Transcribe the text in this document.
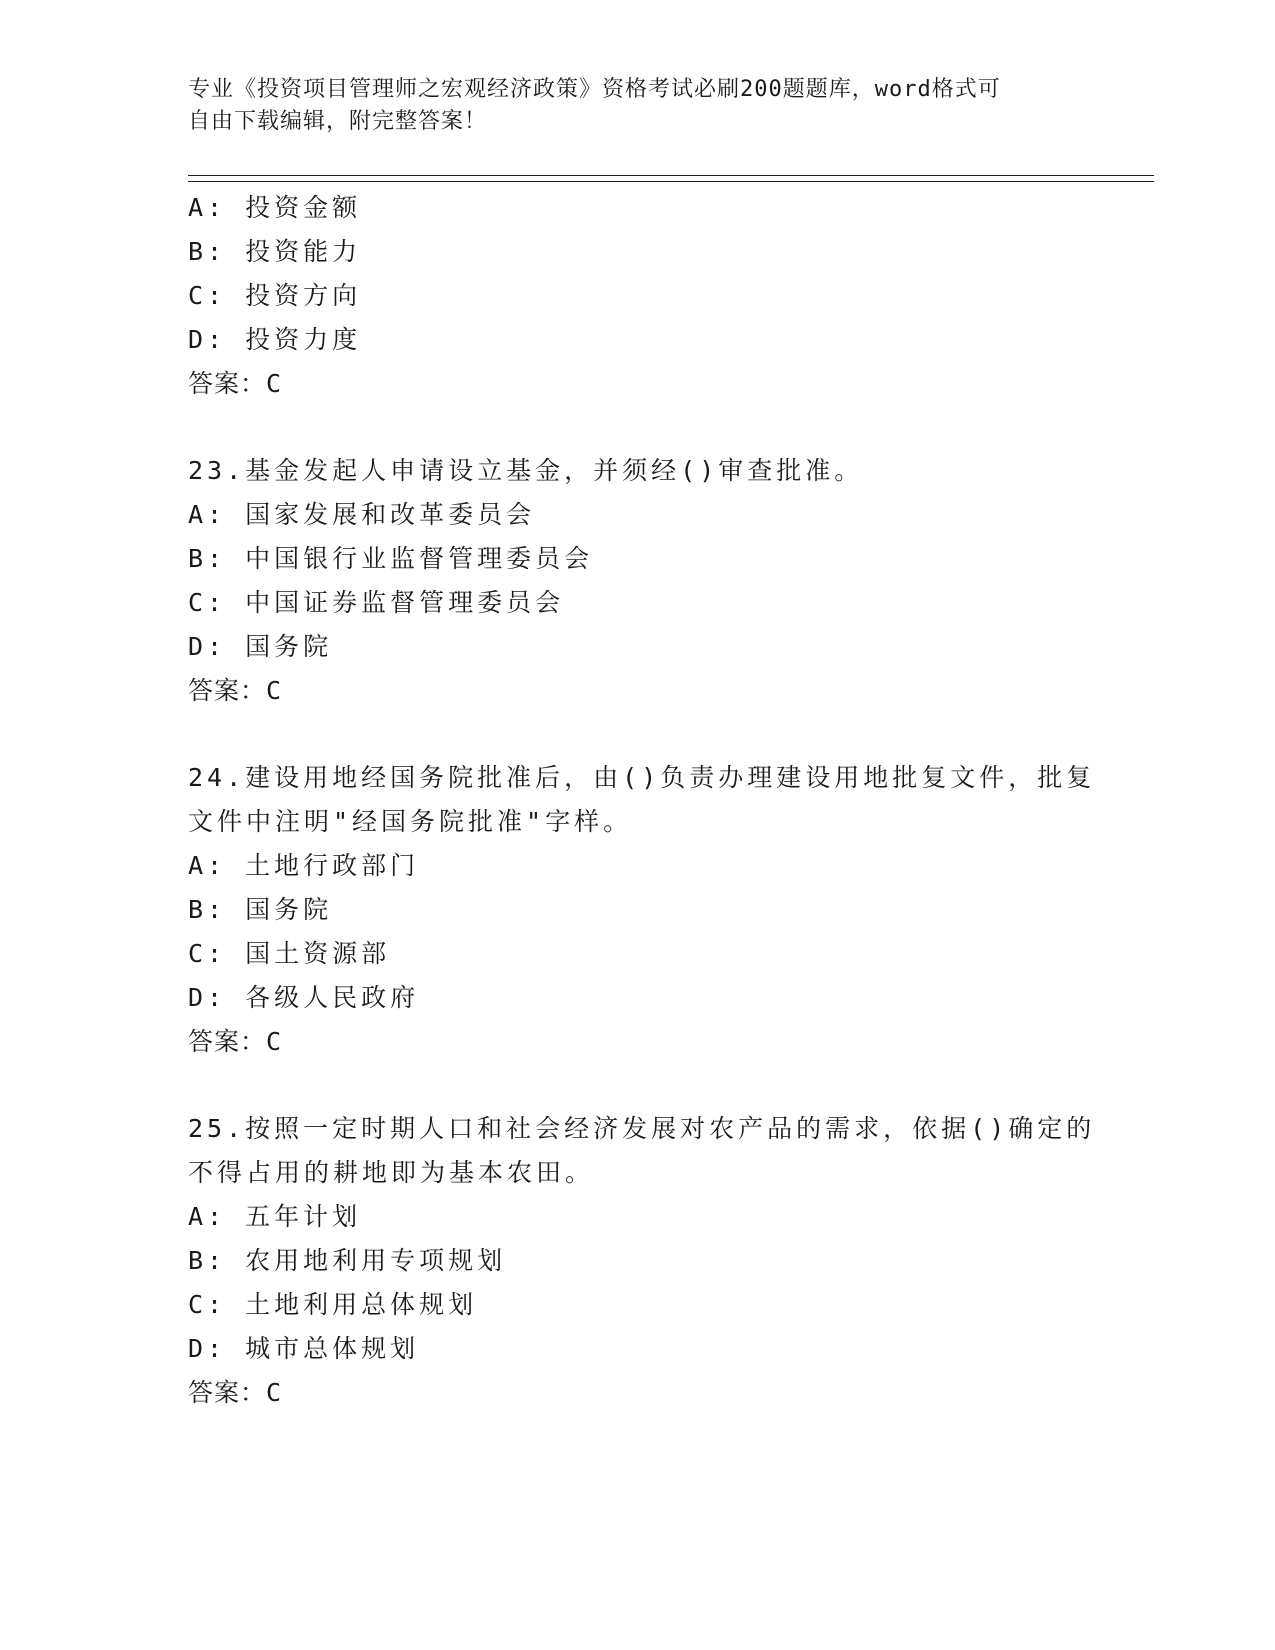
专业《投资项目管理师之宏观经济政策》资格考试必刷200题题库，word格式可
自由下载编辑，附完整答案！
A: 投资金额
B: 投资能力
C: 投资方向
D: 投资力度
答案：C
23.基金发起人申请设立基金，并须经()审查批准。
A: 国家发展和改革委员会
B: 中国银行业监督管理委员会
C: 中国证券监督管理委员会
D: 国务院
答案：C
24.建设用地经国务院批准后，由()负责办理建设用地批复文件，批复
文件中注明"经国务院批准"字样。
A: 土地行政部门
B: 国务院
C: 国土资源部
D: 各级人民政府
答案：C
25.按照一定时期人口和社会经济发展对农产品的需求，依据()确定的
不得占用的耕地即为基本农田。
A: 五年计划
B: 农用地利用专项规划
C: 土地利用总体规划
D: 城市总体规划
答案：C
